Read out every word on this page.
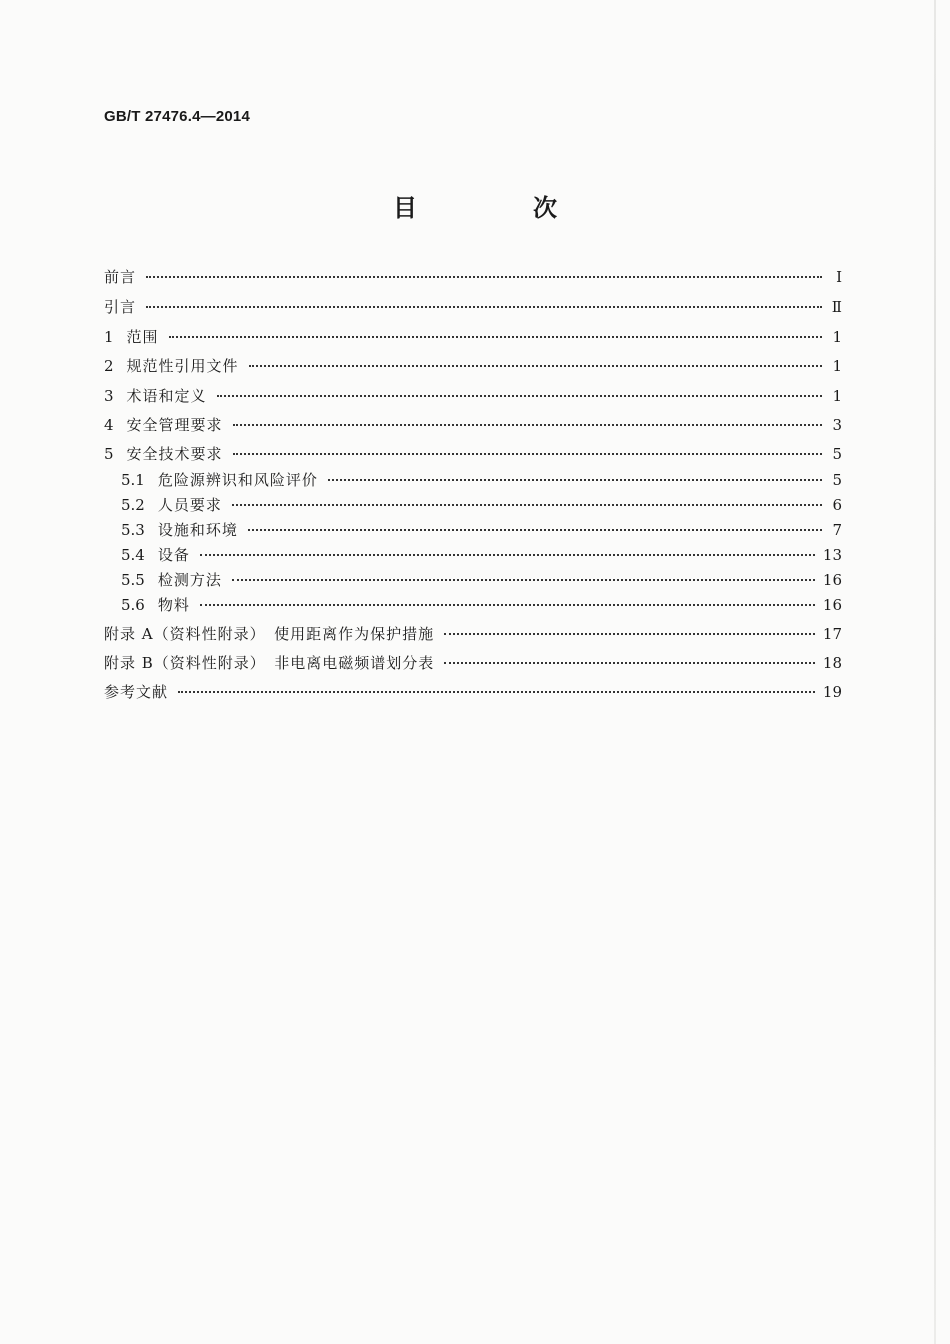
GB/T 27476.4—2014
目　次
前言	Ⅰ
引言	Ⅱ
1 范围	1
2 规范性引用文件	1
3 术语和定义	1
4 安全管理要求	3
5 安全技术要求	5
5.1 危险源辨识和风险评价	5
5.2 人员要求	6
5.3 设施和环境	7
5.4 设备	13
5.5 检测方法	16
5.6 物料	16
附录 A（资料性附录）　使用距离作为保护措施	17
附录 B（资料性附录）　非电离电磁频谱划分表	18
参考文献	19
